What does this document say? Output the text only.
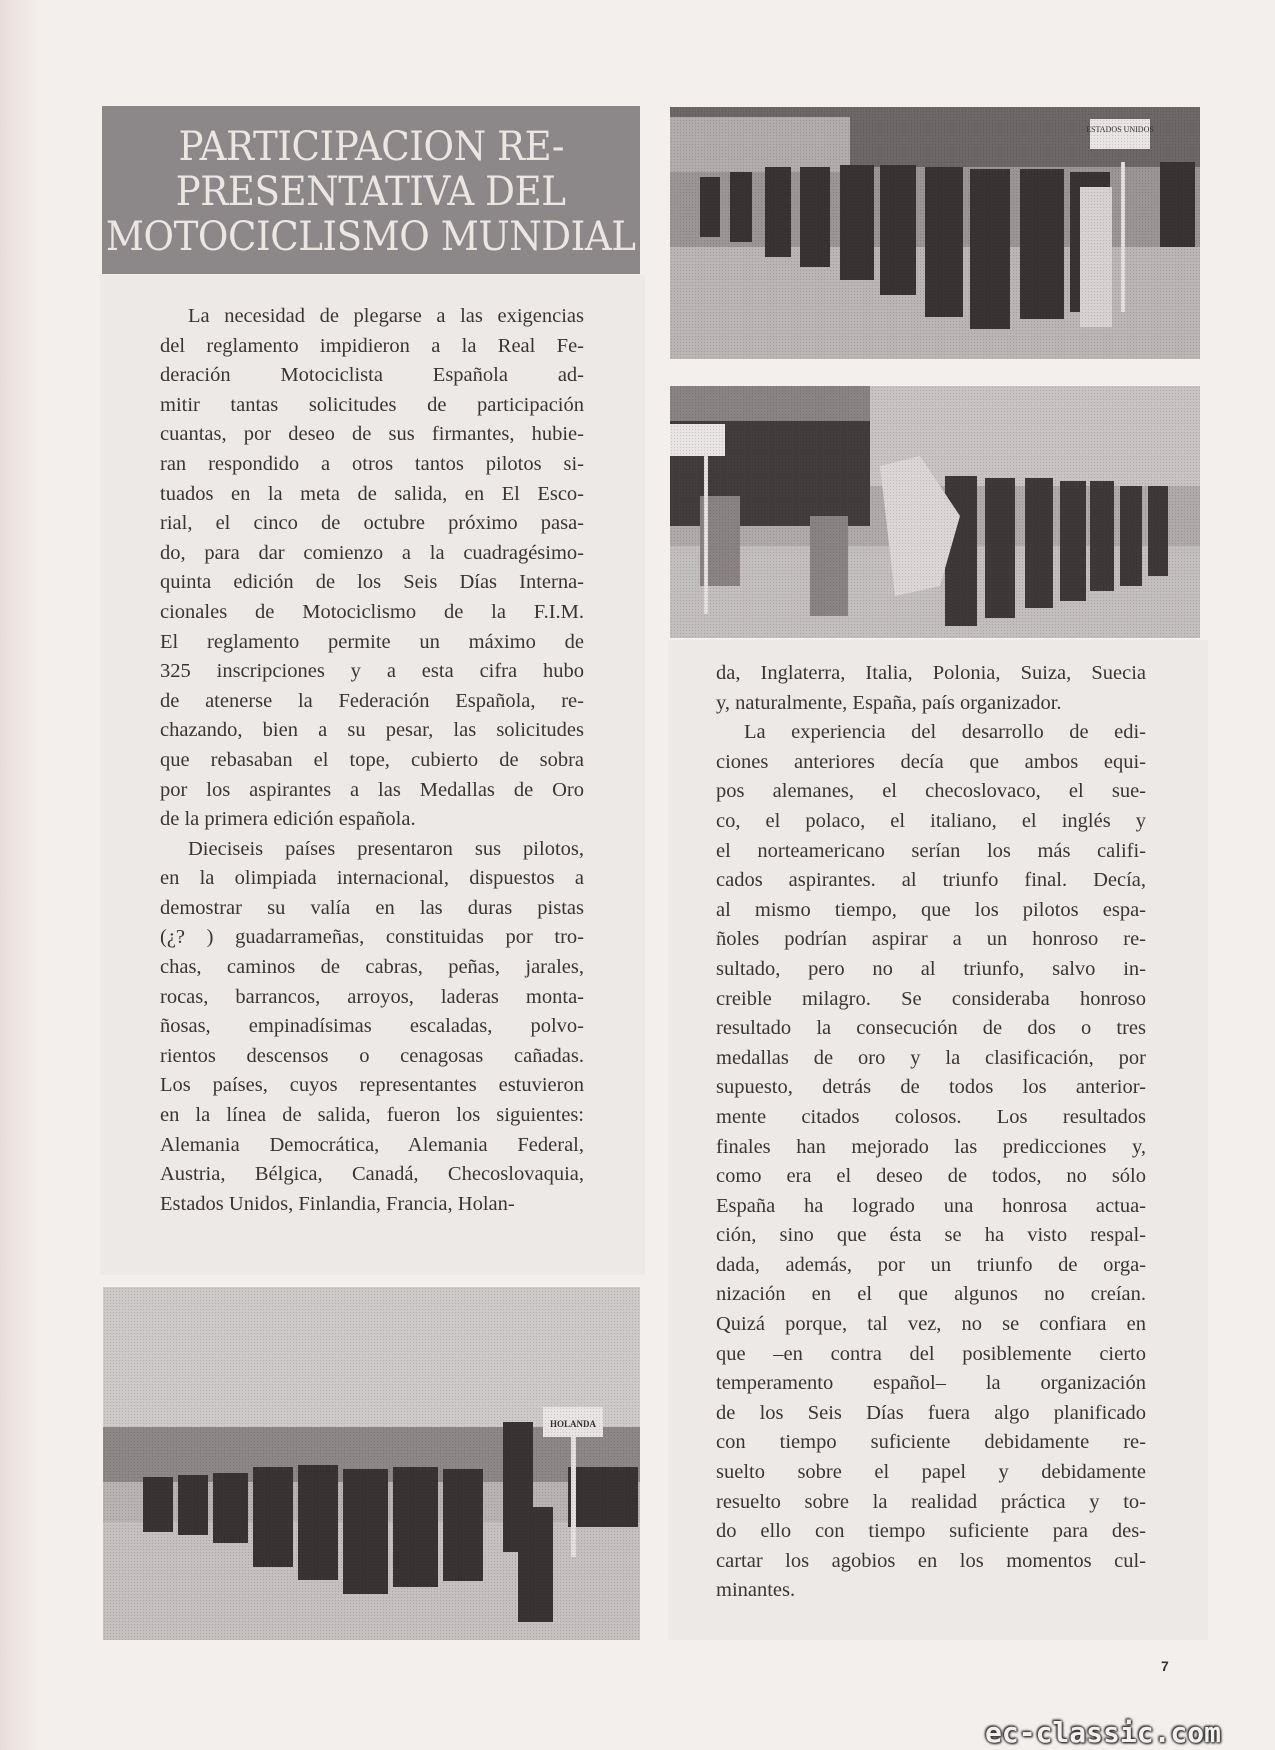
PARTICIPACION RE-
PRESENTATIVA DEL
MOTOCICLISMO MUNDIAL

La necesidad de plegarse a las exigencias
del reglamento impidieron a la Real Fe-
deración Motociclista Española ad-
mitir tantas solicitudes de participación
cuantas, por deseo de sus firmantes, hubie-
ran respondido a otros tantos pilotos si-
tuados en la meta de salida, en El Esco-
rial, el cinco de octubre próximo pasa-
do, para dar comienzo a la cuadragésimo-
quinta edición de los Seis Días Interna-
cionales de Motociclismo de la F.I.M.
El reglamento permite un máximo de
325 inscripciones y a esta cifra hubo
de atenerse la Federación Española, re-
chazando, bien a su pesar, las solicitudes
que rebasaban el tope, cubierto de sobra
por los aspirantes a las Medallas de Oro
de la primera edición española.

Dieciseis países presentaron sus pilotos,
en la olimpiada internacional, dispuestos a
demostrar su valía en las duras pistas
(¿? ) guadarrameñas, constituidas por tro-
chas, caminos de cabras, peñas, jarales,
rocas, barrancos, arroyos, laderas monta-
ñosas, empinadísimas escaladas, polvo-
rientos descensos o cenagosas cañadas.
Los países, cuyos representantes estuvieron
en la línea de salida, fueron los siguientes:
Alemania Democrática, Alemania Federal,
Austria, Bélgica, Canadá, Checoslovaquia,
Estados Unidos, Finlandia, Francia, Holan-

da, Inglaterra, Italia, Polonia, Suiza, Suecia
y, naturalmente, España, país organizador.

La experiencia del desarrollo de edi-
ciones anteriores decía que ambos equi-
pos alemanes, el checoslovaco, el sue-
co, el polaco, el italiano, el inglés y
el norteamericano serían los más califi-
cados aspirantes. al triunfo final. Decía,
al mismo tiempo, que los pilotos espa-
ñoles podrían aspirar a un honroso re-
sultado, pero no al triunfo, salvo in-
creible milagro. Se consideraba honroso
resultado la consecución de dos o tres
medallas de oro y la clasificación, por
supuesto, detrás de todos los anterior-
mente citados colosos. Los resultados
finales han mejorado las predicciones y,
como era el deseo de todos, no sólo
España ha logrado una honrosa actua-
ción, sino que ésta se ha visto respal-
dada, además, por un triunfo de orga-
nización en el que algunos no creían.
Quizá porque, tal vez, no se confiara en
que –en contra del posiblemente cierto
temperamento español– la organización
de los Seis Días fuera algo planificado
con tiempo suficiente debidamente re-
suelto sobre el papel y debidamente
resuelto sobre la realidad práctica y to-
do ello con tiempo suficiente para des-
cartar los agobios en los momentos cul-
minantes.

7
ec-classic.com
